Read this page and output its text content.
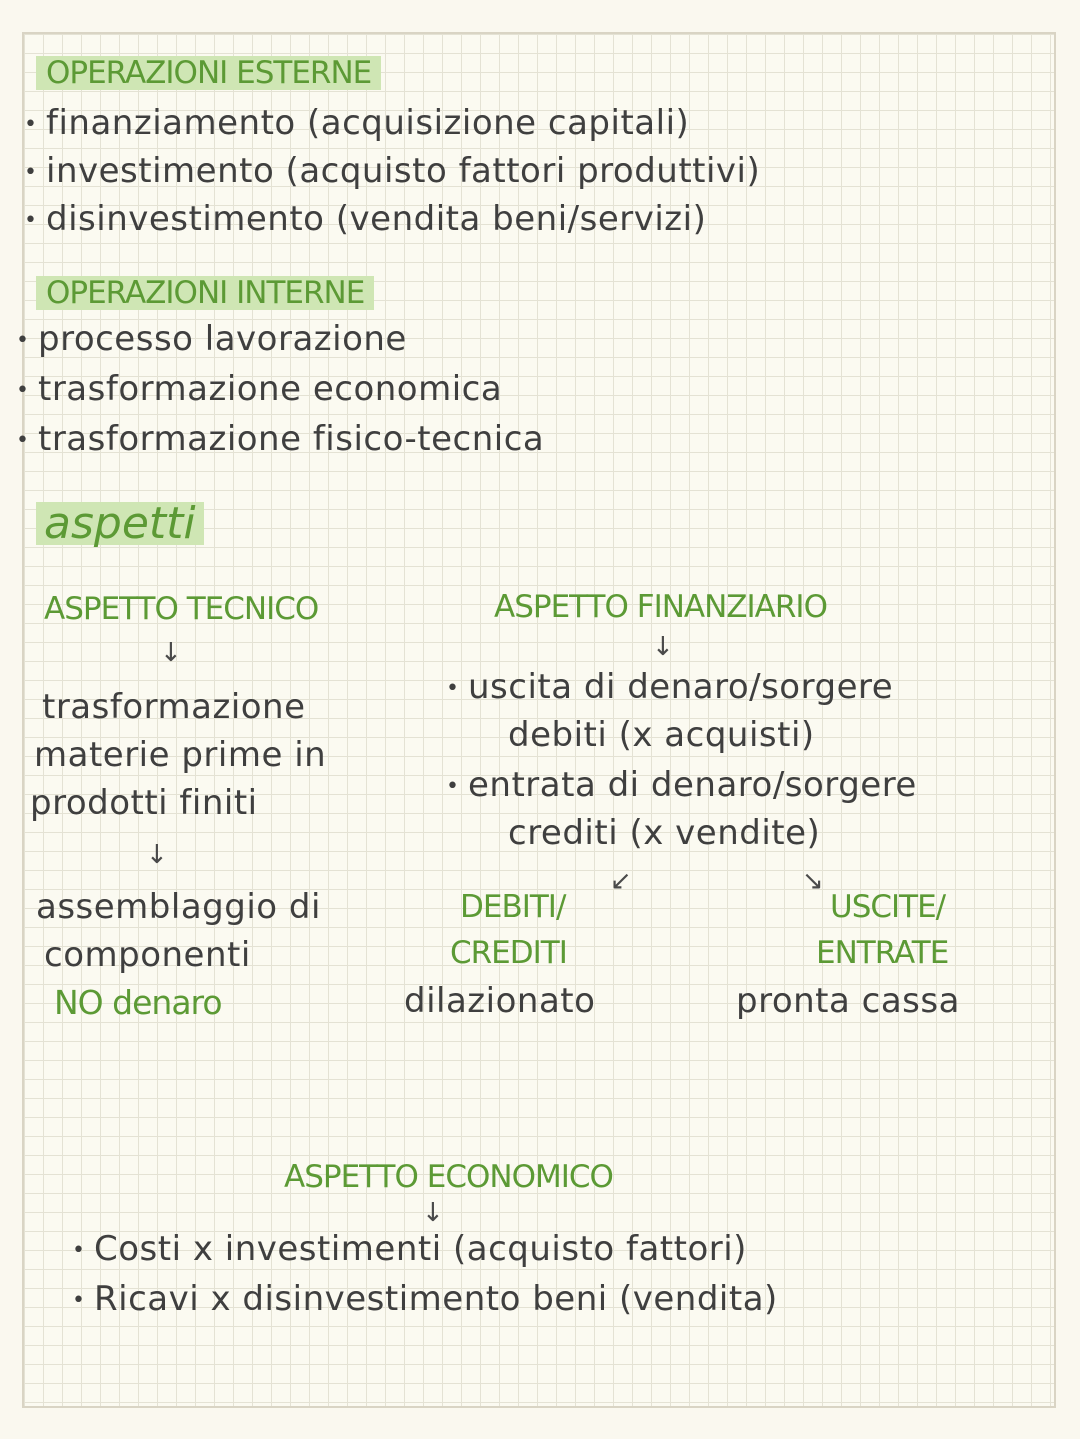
OPERAZIONI ESTERNE
• finanziamento (acquisizione capitali)
• investimento (acquisto fattori produttivi)
• disinvestimento (vendita beni/servizi)
OPERAZIONI INTERNE
• processo lavorazione
• trasformazione economica
• trasformazione fisico-tecnica
aspetti
ASPETTO TECNICO
↓
trasformazione
materie prime in
prodotti finiti
↓
assemblaggio di
componenti
NO denaro
ASPETTO FINANZIARIO
↓
• uscita di denaro/sorgere
debiti (x acquisti)
• entrata di denaro/sorgere
crediti (x vendite)
↙	↘
DEBITI/
CREDITI
dilazionato
USCITE/
ENTRATE
pronta cassa
ASPETTO ECONOMICO
↓
• Costi x investimenti (acquisto fattori)
• Ricavi x disinvestimento beni (vendita)
